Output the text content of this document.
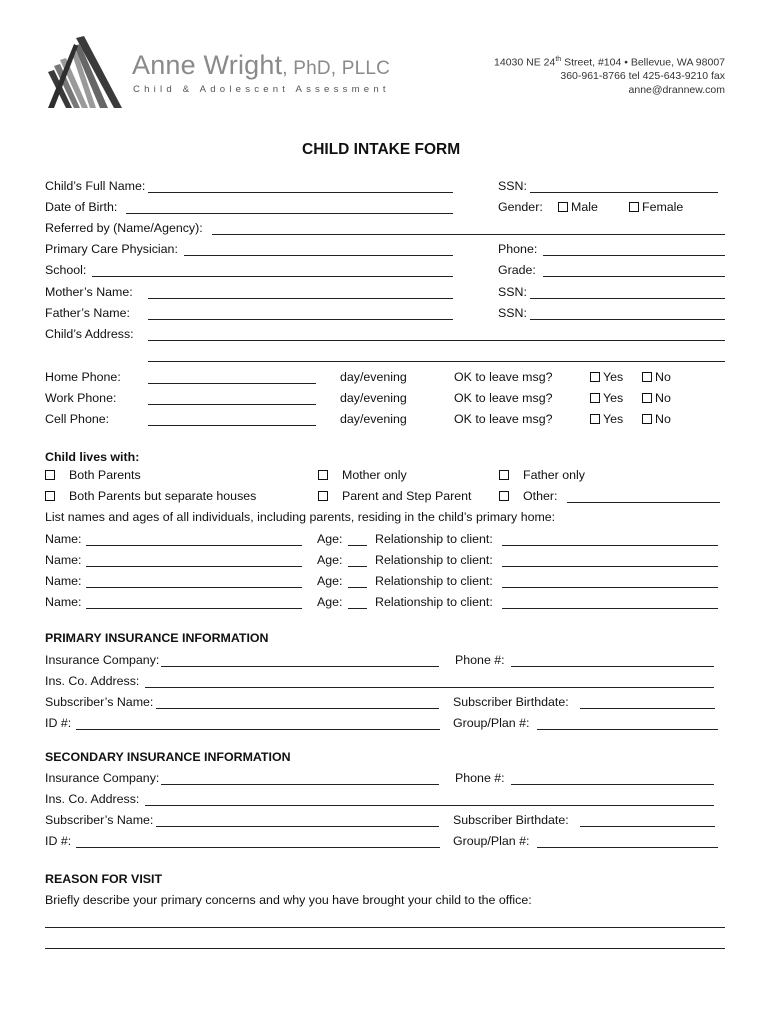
Anne Wright, PhD, PLLC
Child & Adolescent Assessment
14030 NE 24th Street, #104 • Bellevue, WA 98007
360-961-8766 tel 425-643-9210 fax
anne@drannew.com
CHILD INTAKE FORM
Child’s Full Name:	SSN:
Date of Birth:	Gender:	Male	Female
Referred by (Name/Agency):
Primary Care Physician:	Phone:
School:	Grade:
Mother’s Name:	SSN:
Father’s Name:	SSN:
Child’s Address:
Home Phone:	day/evening	OK to leave msg?	Yes	No
Work Phone:	day/evening	OK to leave msg?	Yes	No
Cell Phone:	day/evening	OK to leave msg?	Yes	No
Child lives with:
Both Parents	Mother only	Father only
Both Parents but separate houses	Parent and Step Parent	Other:
List names and ages of all individuals, including parents, residing in the child’s primary home:
Name:	Age:	Relationship to client:
Name:	Age:	Relationship to client:
Name:	Age:	Relationship to client:
Name:	Age:	Relationship to client:
PRIMARY INSURANCE INFORMATION
Insurance Company:	Phone #:
Ins. Co. Address:
Subscriber’s Name:	Subscriber Birthdate:
ID #:	Group/Plan #:
SECONDARY INSURANCE INFORMATION
Insurance Company:	Phone #:
Ins. Co. Address:
Subscriber’s Name:	Subscriber Birthdate:
ID #:	Group/Plan #:
REASON FOR VISIT
Briefly describe your primary concerns and why you have brought your child to the office:
